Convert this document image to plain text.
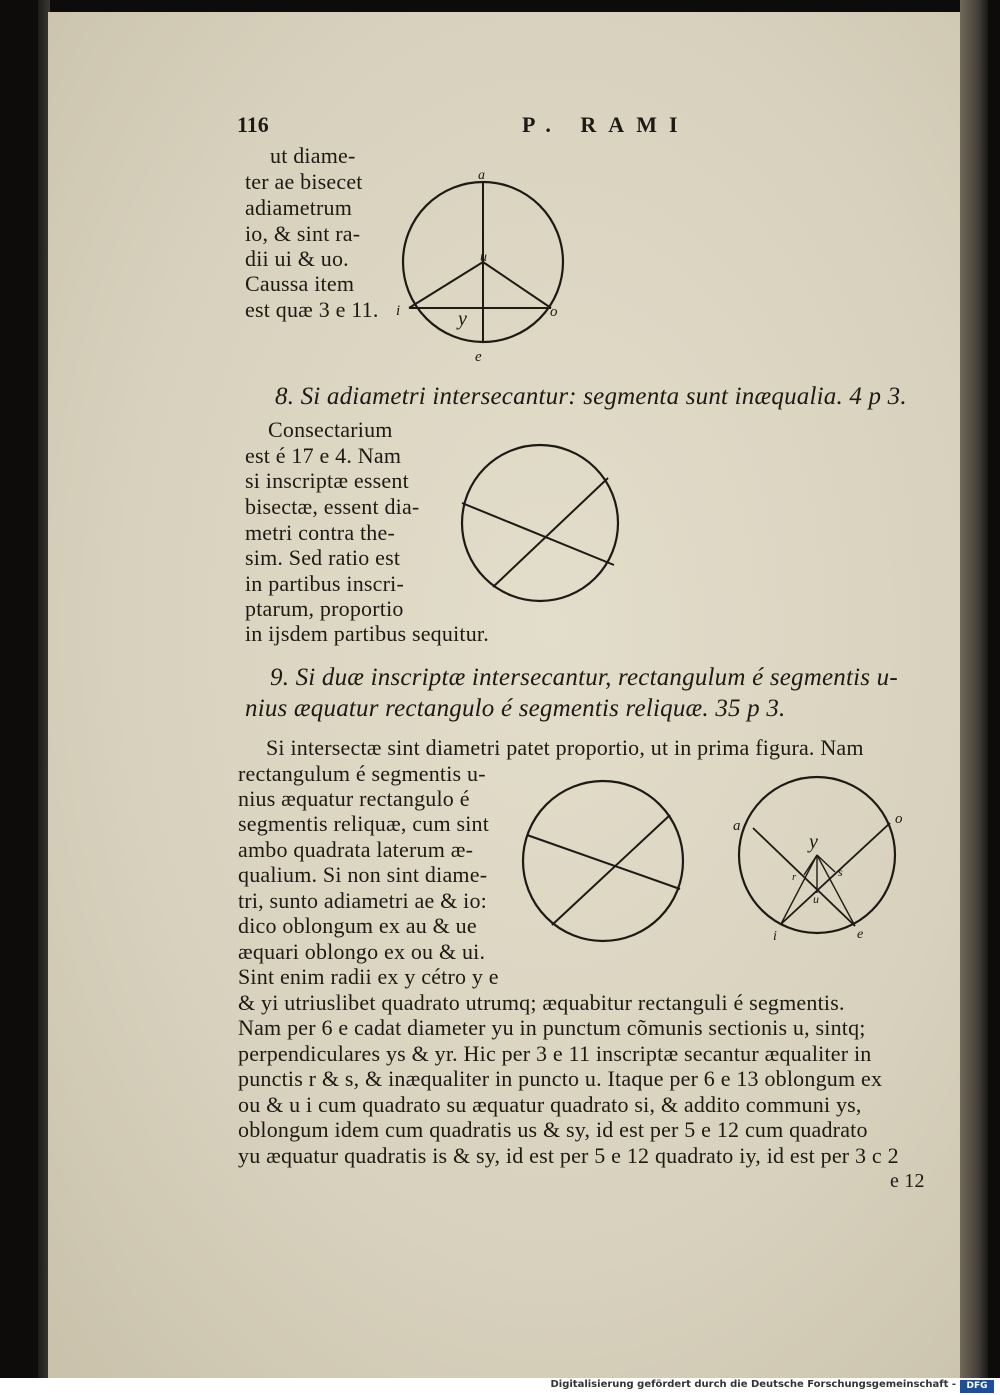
116	P. RAMI
ut diame-
ter ae bisecet
adiametrum
io, & sint ra-
dii ui & uo.
Caussa item
est quæ 3 e 11.
a
u
i	o
y
e
8. Si adiametri intersecantur: segmenta sunt inæqualia. 4 p 3.
Consectarium
est é 17 e 4. Nam
si inscriptæ essent
bisectæ, essent dia-
metri contra the-
sim. Sed ratio est
in partibus inscri-
ptarum, proportio
in ijsdem partibus sequitur.
9. Si duæ inscriptæ intersecantur, rectangulum é segmentis u-
nius æquatur rectangulo é segmentis reliquæ. 35 p 3.
Si intersectæ sint diametri patet proportio, ut in prima figura. Nam
rectangulum é segmentis u-
nius æquatur rectangulo é
segmentis reliquæ, cum sint
ambo quadrata laterum æ-
qualium. Si non sint diame-
tri, sunto adiametri ae & io:
dico oblongum ex au & ue
æquari oblongo ex ou & ui.
Sint enim radii ex y cétro y e
a	o
y
r	s
u
i	e
& yi utriuslibet quadrato utrumq; æquabitur rectanguli é segmentis.
Nam per 6 e cadat diameter yu in punctum cõmunis sectionis u, sintq;
perpendiculares ys & yr. Hic per 3 e 11 inscriptæ secantur æqualiter in
punctis r & s, & inæqualiter in puncto u. Itaque per 6 e 13 oblongum ex
ou & u i cum quadrato su æquatur quadrato si, & addito communi ys,
oblongum idem cum quadratis us & sy, id est per 5 e 12 cum quadrato
yu æquatur quadratis is & sy, id est per 5 e 12 quadrato iy, id est per 3 c 2
e 12
Digitalisierung gefördert durch die Deutsche Forschungsgemeinschaft -	DFG
